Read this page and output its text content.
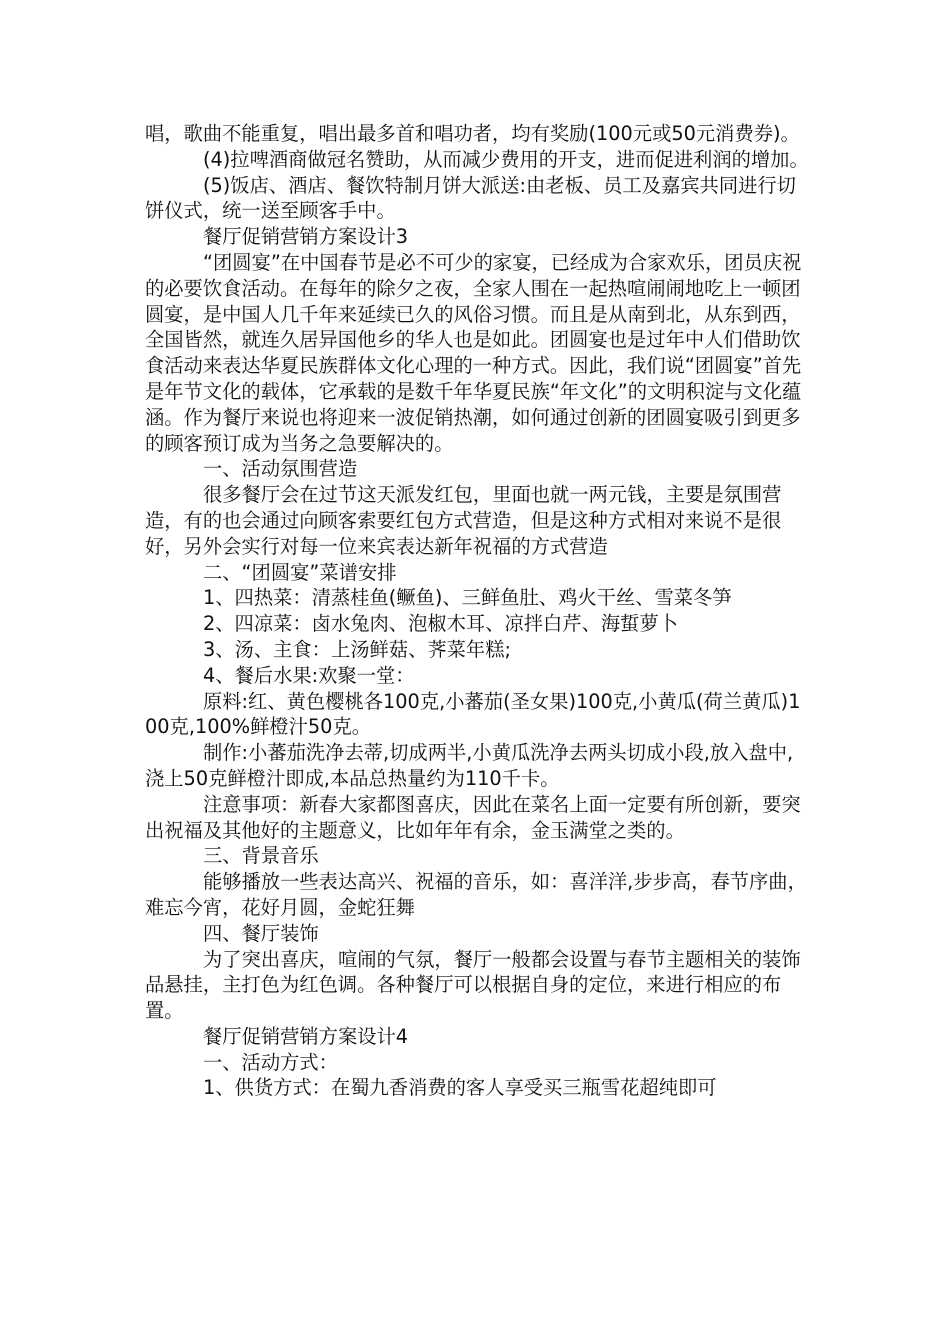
唱，歌曲不能重复，唱出最多首和唱功者，均有奖励(100元或50元消费券)。

(4)拉啤酒商做冠名赞助，从而减少费用的开支，进而促进利润的增加。

(5)饭店、酒店、餐饮特制月饼大派送:由老板、员工及嘉宾共同进行切饼仪式，统一送至顾客手中。

餐厅促销营销方案设计3

“团圆宴”在中国春节是必不可少的家宴，已经成为合家欢乐，团员庆祝的必要饮食活动。在每年的除夕之夜，全家人围在一起热喧闹闹地吃上一顿团圆宴，是中国人几千年来延续已久的风俗习惯。而且是从南到北，从东到西，全国皆然，就连久居异国他乡的华人也是如此。团圆宴也是过年中人们借助饮食活动来表达华夏民族群体文化心理的一种方式。因此，我们说“团圆宴”首先是年节文化的载体，它承载的是数千年华夏民族“年文化”的文明积淀与文化蕴涵。作为餐厅来说也将迎来一波促销热潮，如何通过创新的团圆宴吸引到更多的顾客预订成为当务之急要解决的。

一、活动氛围营造

很多餐厅会在过节这天派发红包，里面也就一两元钱，主要是氛围营造，有的也会通过向顾客索要红包方式营造，但是这种方式相对来说不是很好，另外会实行对每一位来宾表达新年祝福的方式营造

二、“团圆宴”菜谱安排

1、四热菜：清蒸桂鱼(鳜鱼)、三鲜鱼肚、鸡火干丝、雪菜冬笋

2、四凉菜：卤水兔肉、泡椒木耳、凉拌白芹、海蜇萝卜

3、汤、主食：上汤鲜菇、荠菜年糕;

4、餐后水果:欢聚一堂：

原料:红、黄色樱桃各100克,小蕃茄(圣女果)100克,小黄瓜(荷兰黄瓜)100克,100%鲜橙汁50克。

制作:小蕃茄洗净去蒂,切成两半,小黄瓜洗净去两头切成小段,放入盘中,浇上50克鲜橙汁即成,本品总热量约为110千卡。

注意事项：新春大家都图喜庆，因此在菜名上面一定要有所创新，要突出祝福及其他好的主题意义，比如年年有余，金玉满堂之类的。

三、背景音乐

能够播放一些表达高兴、祝福的音乐，如：喜洋洋,步步高，春节序曲，难忘今宵，花好月圆，金蛇狂舞

四、餐厅装饰

为了突出喜庆，喧闹的气氛，餐厅一般都会设置与春节主题相关的装饰品悬挂，主打色为红色调。各种餐厅可以根据自身的定位，来进行相应的布置。

餐厅促销营销方案设计4

一、活动方式：

1、供货方式：在蜀九香消费的客人享受买三瓶雪花超纯即可
